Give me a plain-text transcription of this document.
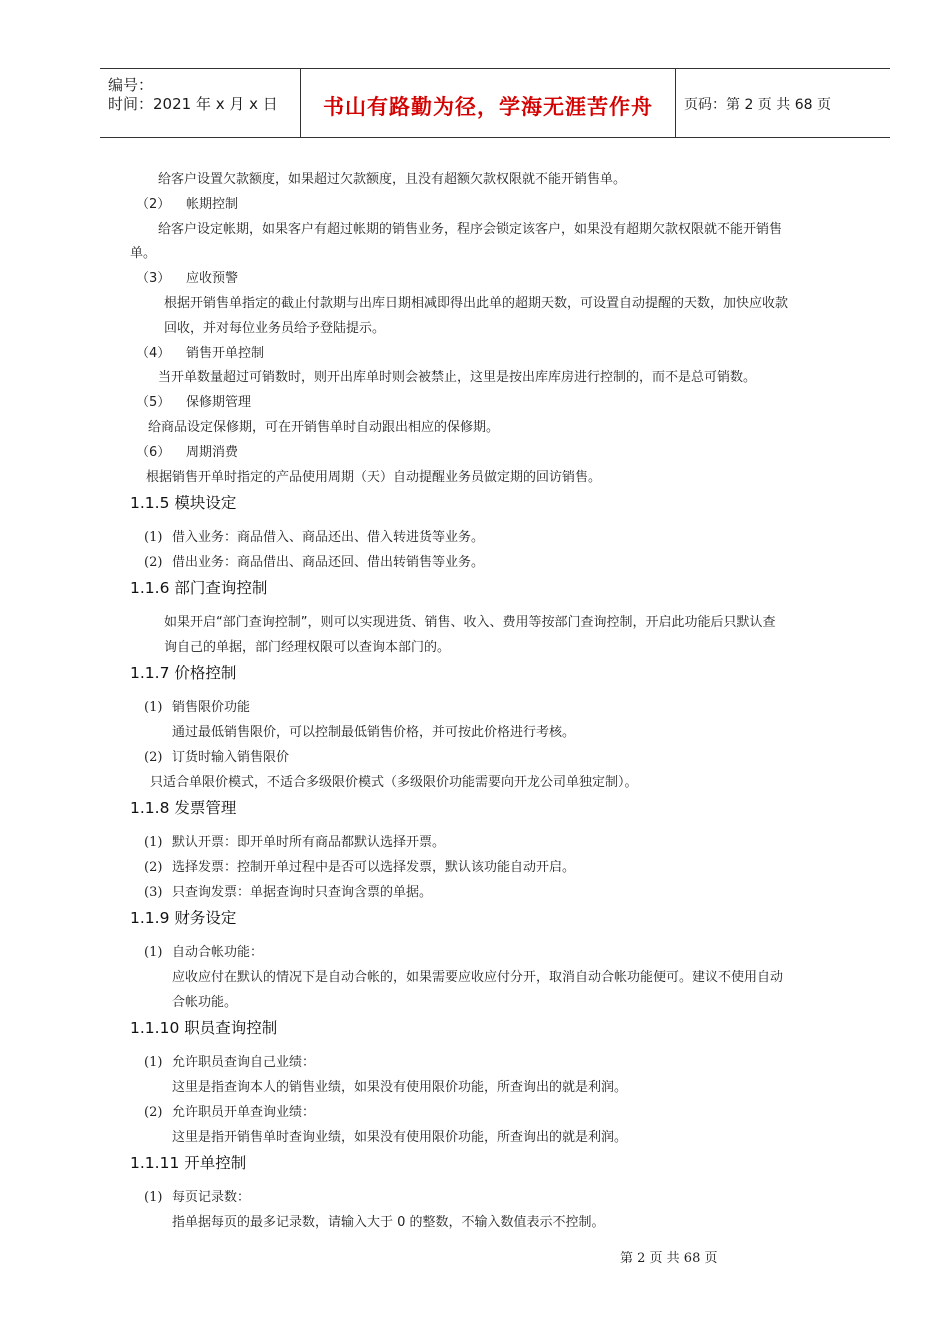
编号：
时间：2021 年 x 月 x 日	书山有路勤为径，学海无涯苦作舟	页码：第 2 页 共 68 页
给客户设置欠款额度，如果超过欠款额度，且没有超额欠款权限就不能开销售单。
（2） 帐期控制
给客户设定帐期，如果客户有超过帐期的销售业务，程序会锁定该客户，如果没有超期欠款权限就不能开销售
单。
（3） 应收预警
根据开销售单指定的截止付款期与出库日期相减即得出此单的超期天数，可设置自动提醒的天数，加快应收款
回收，并对每位业务员给予登陆提示。
（4） 销售开单控制
当开单数量超过可销数时，则开出库单时则会被禁止，这里是按出库库房进行控制的，而不是总可销数。
（5） 保修期管理
给商品设定保修期，可在开销售单时自动跟出相应的保修期。
（6） 周期消费
根据销售开单时指定的产品使用周期（天）自动提醒业务员做定期的回访销售。
1.1.5 模块设定
(1) 借入业务：商品借入、商品还出、借入转进货等业务。
(2) 借出业务：商品借出、商品还回、借出转销售等业务。
1.1.6 部门查询控制
如果开启“部门查询控制”，则可以实现进货、销售、收入、费用等按部门查询控制，开启此功能后只默认查
询自己的单据，部门经理权限可以查询本部门的。
1.1.7 价格控制
(1) 销售限价功能
通过最低销售限价，可以控制最低销售价格，并可按此价格进行考核。
(2) 订货时输入销售限价
只适合单限价模式，不适合多级限价模式（多级限价功能需要向开龙公司单独定制）。
1.1.8 发票管理
(1) 默认开票：即开单时所有商品都默认选择开票。
(2) 选择发票：控制开单过程中是否可以选择发票，默认该功能自动开启。
(3) 只查询发票：单据查询时只查询含票的单据。
1.1.9 财务设定
(1) 自动合帐功能：
应收应付在默认的情况下是自动合帐的，如果需要应收应付分开，取消自动合帐功能便可。建议不使用自动
合帐功能。
1.1.10 职员查询控制
(1) 允许职员查询自己业绩：
这里是指查询本人的销售业绩，如果没有使用限价功能，所查询出的就是利润。
(2) 允许职员开单查询业绩：
这里是指开销售单时查询业绩，如果没有使用限价功能，所查询出的就是利润。
1.1.11 开单控制
(1) 每页记录数：
指单据每页的最多记录数，请输入大于 0 的整数，不输入数值表示不控制。
第 2 页 共 68 页
